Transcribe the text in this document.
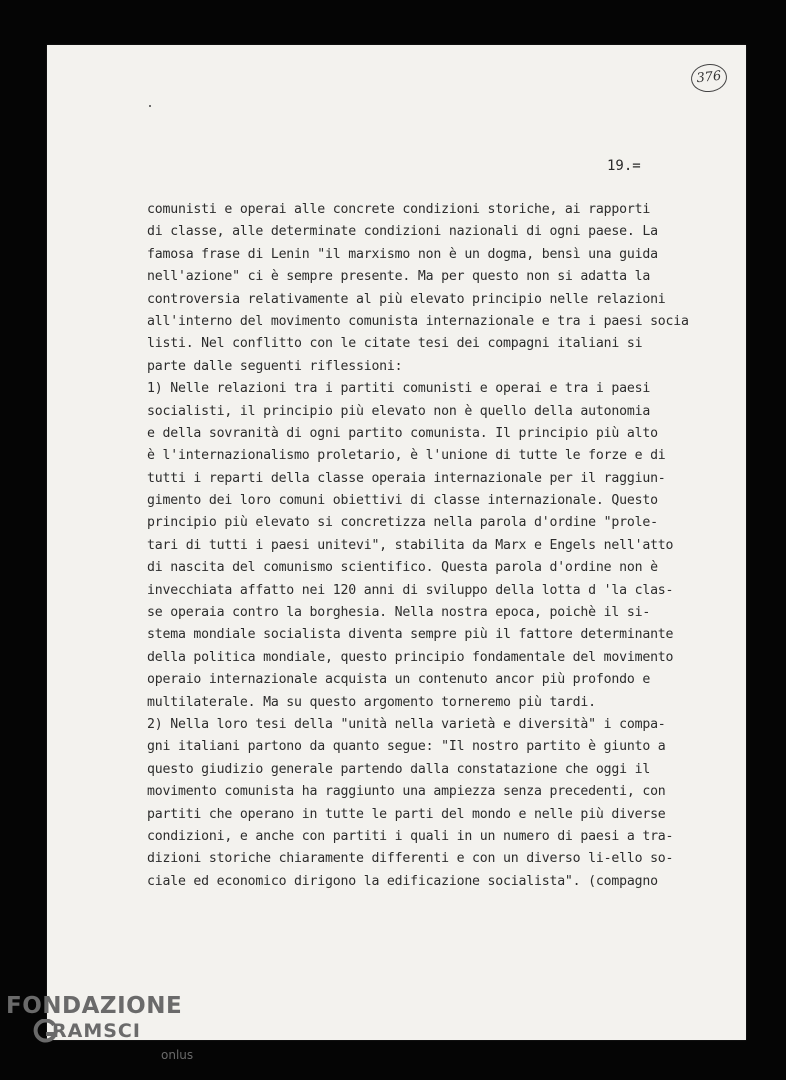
376
19.=
comunisti e operai alle concrete condizioni storiche, ai rapporti
di classe, alle determinate condizioni nazionali di ogni paese. La
famosa frase di Lenin "il marxismo non è un dogma, bensì una guida
nell'azione" ci è sempre presente. Ma per questo non si adatta la
controversia relativamente al più elevato principio nelle relazioni
all'interno del movimento comunista internazionale e tra i paesi socia
listi. Nel conflitto con le citate tesi dei compagni italiani si
parte dalle seguenti riflessioni:
1) Nelle relazioni tra i partiti comunisti e operai e tra i paesi
socialisti, il principio più elevato non è quello della autonomia
e della sovranità di ogni partito comunista. Il principio più alto
è l'internazionalismo proletario, è l'unione di tutte le forze e di
tutti i reparti della classe operaia internazionale per il raggiun-
gimento dei loro comuni obiettivi di classe internazionale. Questo
principio più elevato si concretizza nella parola d'ordine "prole-
tari di tutti i paesi unitevi", stabilita da Marx e Engels nell'atto
di nascita del comunismo scientifico. Questa parola d'ordine non è
invecchiata affatto nei 120 anni di sviluppo della lotta d 'la clas-
se operaia contro la borghesia. Nella nostra epoca, poichè il si-
stema mondiale socialista diventa sempre più il fattore determinante
della politica mondiale, questo principio fondamentale del movimento
operaio internazionale acquista un contenuto ancor più profondo e
multilaterale. Ma su questo argomento torneremo più tardi.
2) Nella loro tesi della "unità nella varietà e diversità" i compa-
gni italiani partono da quanto segue: "Il nostro partito è giunto a
questo giudizio generale partendo dalla constatazione che oggi il
movimento comunista ha raggiunto una ampiezza senza precedenti, con
partiti che operano in tutte le parti del mondo e nelle più diverse
condizioni, e anche con partiti i quali in un numero di paesi a tra-
dizioni storiche chiaramente differenti e con un diverso li-ello so-
ciale ed economico dirigono la edificazione socialista". (compagno
FONDAZIONE
RAMSCI
onlus
